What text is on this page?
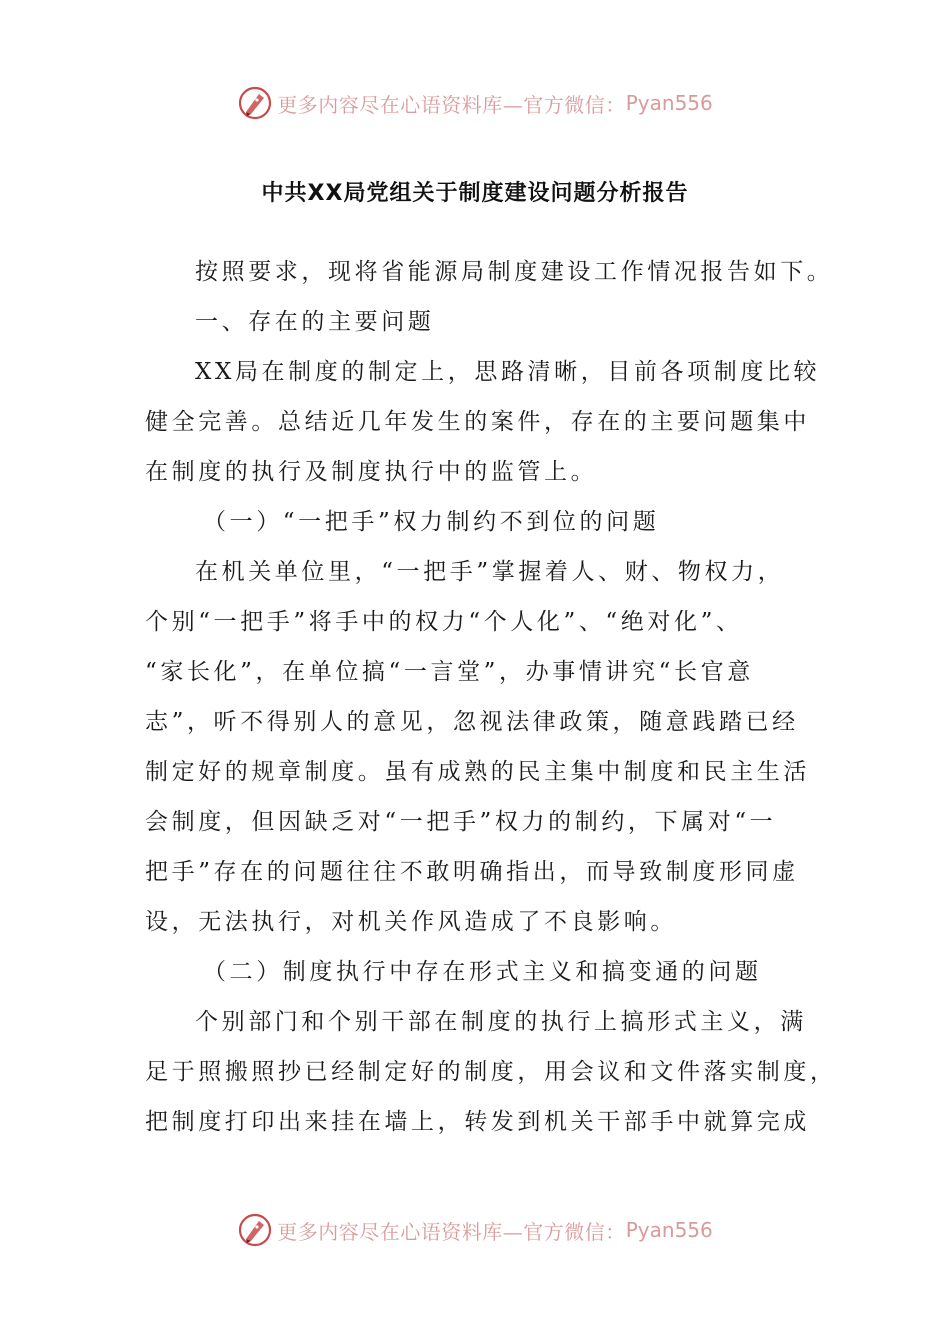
更多内容尽在心语资料库—官方微信： Pyan556
中共XX局党组关于制度建设问题分析报告
按照要求，现将省能源局制度建设工作情况报告如下。
一、存在的主要问题
XX局在制度的制定上，思路清晰，目前各项制度比较
健全完善。总结近几年发生的案件，存在的主要问题集中
在制度的执行及制度执行中的监管上。
（一）“一把手”权力制约不到位的问题
在机关单位里，“一把手”掌握着人、财、物权力，
个别“一把手”将手中的权力“个人化”、“绝对化”、
“家长化”，在单位搞“一言堂”，办事情讲究“长官意
志”，听不得别人的意见，忽视法律政策，随意践踏已经
制定好的规章制度。虽有成熟的民主集中制度和民主生活
会制度，但因缺乏对“一把手”权力的制约，下属对“一
把手”存在的问题往往不敢明确指出，而导致制度形同虚
设，无法执行，对机关作风造成了不良影响。
（二）制度执行中存在形式主义和搞变通的问题
个别部门和个别干部在制度的执行上搞形式主义，满
足于照搬照抄已经制定好的制度，用会议和文件落实制度，
把制度打印出来挂在墙上，转发到机关干部手中就算完成
更多内容尽在心语资料库—官方微信： Pyan556
